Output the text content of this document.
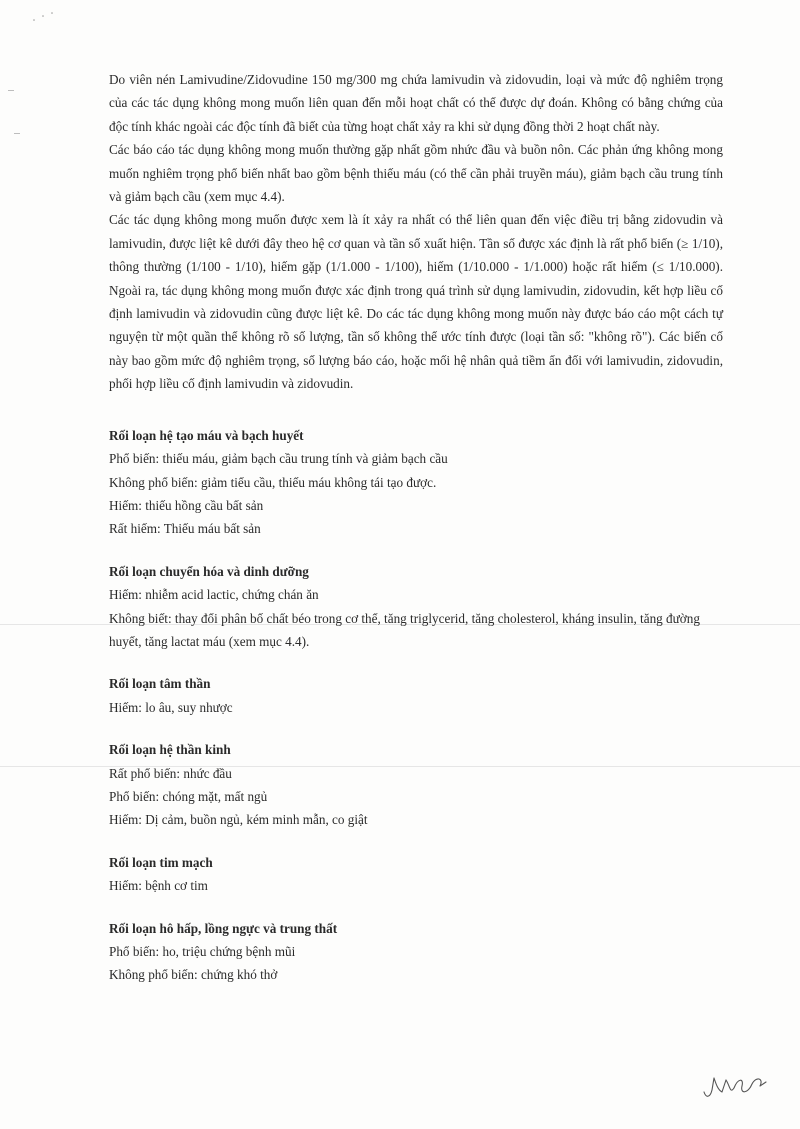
Do viên nén Lamivudine/Zidovudine 150 mg/300 mg chứa lamivudin và zidovudin, loại và mức độ nghiêm trọng của các tác dụng không mong muốn liên quan đến mỗi hoạt chất có thể được dự đoán. Không có bằng chứng của độc tính khác ngoài các độc tính đã biết của từng hoạt chất xảy ra khi sử dụng đồng thời 2 hoạt chất này.

Các báo cáo tác dụng không mong muốn thường gặp nhất gồm nhức đầu và buồn nôn. Các phản ứng không mong muốn nghiêm trọng phổ biến nhất bao gồm bệnh thiếu máu (có thể cần phải truyền máu), giảm bạch cầu trung tính và giảm bạch cầu (xem mục 4.4).

Các tác dụng không mong muốn được xem là ít xảy ra nhất có thể liên quan đến việc điều trị bằng zidovudin và lamivudin, được liệt kê dưới đây theo hệ cơ quan và tần số xuất hiện. Tần số được xác định là rất phổ biến (≥ 1/10), thông thường (1/100 - 1/10), hiếm gặp (1/1.000 - 1/100), hiếm (1/10.000 - 1/1.000) hoặc rất hiếm (≤ 1/10.000). Ngoài ra, tác dụng không mong muốn được xác định trong quá trình sử dụng lamivudin, zidovudin, kết hợp liều cố định lamivudin và zidovudin cũng được liệt kê. Do các tác dụng không mong muốn này được báo cáo một cách tự nguyện từ một quần thể không rõ số lượng, tần số không thể ước tính được (loại tần số: "không rõ"). Các biến cố này bao gồm mức độ nghiêm trọng, số lượng báo cáo, hoặc mối hệ nhân quả tiềm ẩn đối với lamivudin, zidovudin, phối hợp liều cố định lamivudin và zidovudin.

Rối loạn hệ tạo máu và bạch huyết

Phổ biến: thiếu máu, giảm bạch cầu trung tính và giảm bạch cầu

Không phổ biến: giảm tiểu cầu, thiếu máu không tái tạo được.

Hiếm: thiếu hồng cầu bất sản

Rất hiếm: Thiếu máu bất sản

Rối loạn chuyển hóa và dinh dưỡng

Hiếm: nhiễm acid lactic, chứng chán ăn

Không biết: thay đổi phân bố chất béo trong cơ thể, tăng triglycerid, tăng cholesterol, kháng insulin, tăng đường huyết, tăng lactat máu (xem mục 4.4).

Rối loạn tâm thần

Hiếm: lo âu, suy nhược

Rối loạn hệ thần kinh

Rất phổ biến: nhức đầu

Phổ biến: chóng mặt, mất ngủ

Hiếm: Dị cảm, buồn ngủ, kém minh mẫn, co giật

Rối loạn tim mạch

Hiếm: bệnh cơ tim

Rối loạn hô hấp, lồng ngực và trung thất

Phổ biến: ho, triệu chứng bệnh mũi

Không phổ biến: chứng khó thở
